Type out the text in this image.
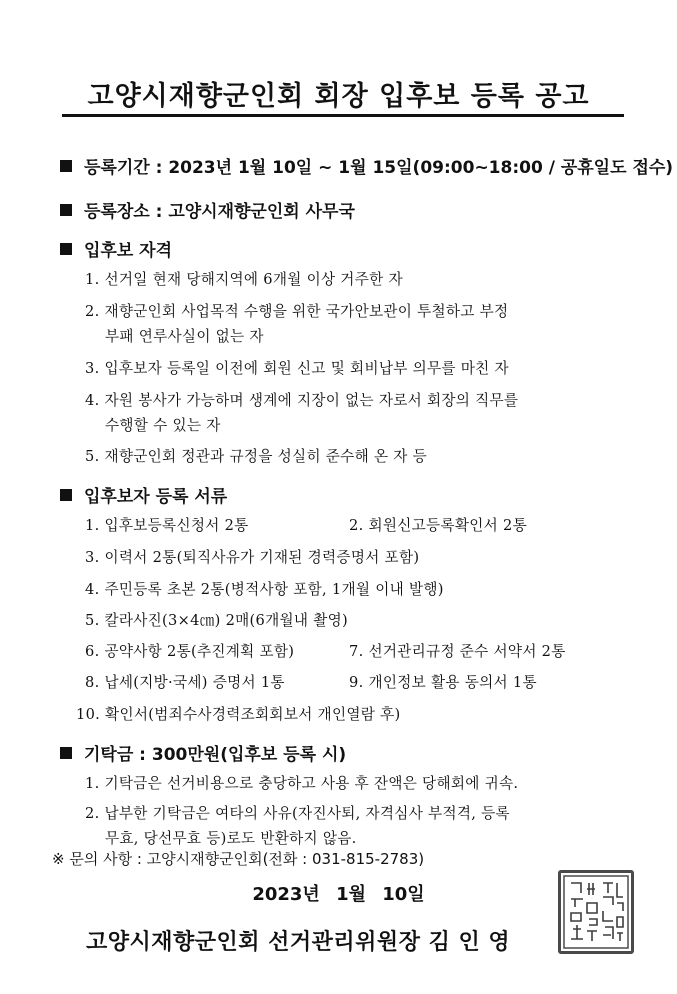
고양시재향군인회 회장 입후보 등록 공고
등록기간 : 2023년 1월 10일 ~ 1월 15일(09:00~18:00 / 공휴일도 접수)
등록장소 : 고양시재향군인회 사무국
입후보 자격
1. 선거일 현재 당해지역에 6개월 이상 거주한 자
2. 재향군인회 사업목적 수행을 위한 국가안보관이 투철하고 부정
부패 연루사실이 없는 자
3. 입후보자 등록일 이전에 회원 신고 및 회비납부 의무를 마친 자
4. 자원 봉사가 가능하며 생계에 지장이 없는 자로서 회장의 직무를
수행할 수 있는 자
5. 재향군인회 정관과 규정을 성실히 준수해 온 자 등
입후보자 등록 서류
1. 입후보등록신청서 2통	2. 회원신고등록확인서 2통
3. 이력서 2통(퇴직사유가 기재된 경력증명서 포함)
4. 주민등록 초본 2통(병적사항 포함, 1개월 이내 발행)
5. 칼라사진(3×4㎝) 2매(6개월내 촬영)
6. 공약사항 2통(추진계획 포함)	7. 선거관리규정 준수 서약서 2통
8. 납세(지방·국세) 증명서 1통	9. 개인정보 활용 동의서 1통
10. 확인서(범죄수사경력조회회보서 개인열람 후)
기탁금 : 300만원(입후보 등록 시)
1. 기탁금은 선거비용으로 충당하고 사용 후 잔액은 당해회에 귀속.
2. 납부한 기탁금은 여타의 사유(자진사퇴, 자격심사 부적격, 등록
무효, 당선무효 등)로도 반환하지 않음.
※ 문의 사항 : 고양시재향군인회(전화 : 031-815-2783)
2023년 1월 10일
고양시재향군인회 선거관리위원장 김 인 영
